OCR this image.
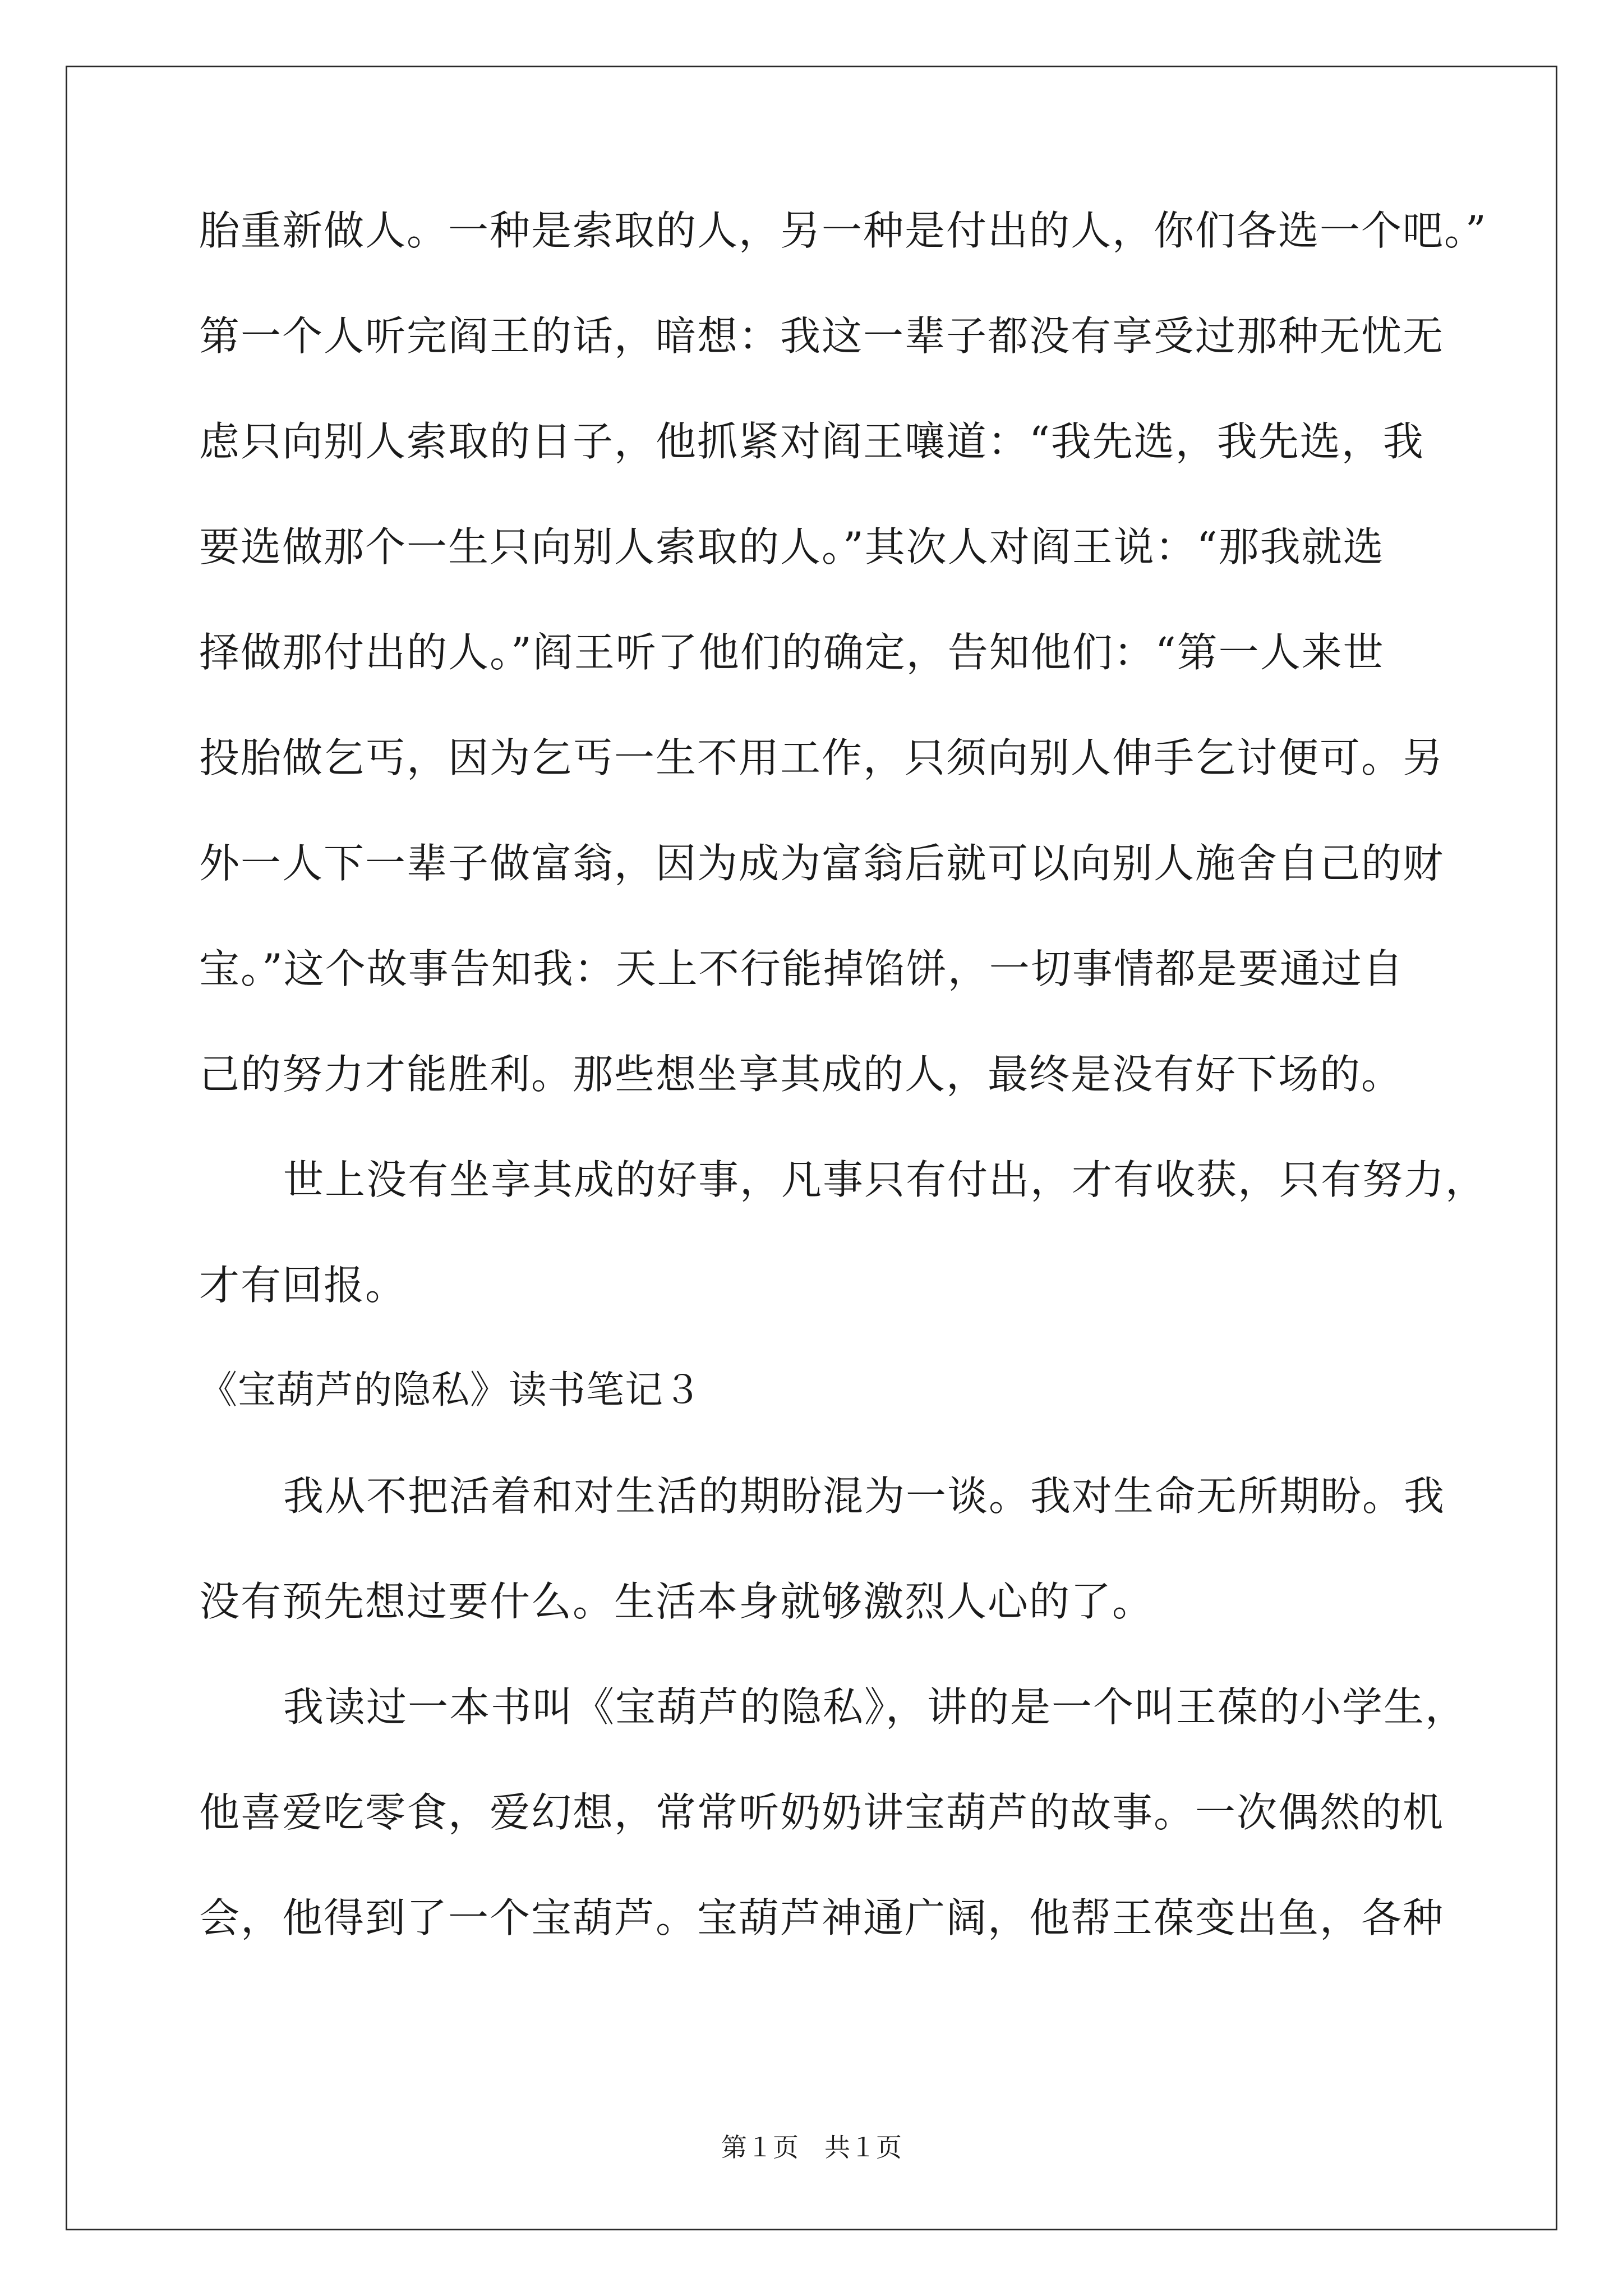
胎重新做人。一种是索取的人，另一种是付出的人，你们各选一个吧。”
第一个人听完阎王的话，暗想：我这一辈子都没有享受过那种无忧无
虑只向别人索取的日子，他抓紧对阎王嚷道：“我先选，我先选，我
要选做那个一生只向别人索取的人。”其次人对阎王说：“那我就选
择做那付出的人。”阎王听了他们的确定，告知他们：“第一人来世
投胎做乞丐，因为乞丐一生不用工作，只须向别人伸手乞讨便可。另
外一人下一辈子做富翁，因为成为富翁后就可以向别人施舍自己的财
宝。”这个故事告知我：天上不行能掉馅饼，一切事情都是要通过自
己的努力才能胜利。那些想坐享其成的人，最终是没有好下场的。
世上没有坐享其成的好事，凡事只有付出，才有收获，只有努力，
才有回报。
《宝葫芦的隐私》读书笔记３
我从不把活着和对生活的期盼混为一谈。我对生命无所期盼。我
没有预先想过要什么。生活本身就够激烈人心的了。
我读过一本书叫《宝葫芦的隐私》，讲的是一个叫王葆的小学生，
他喜爱吃零食，爱幻想，常常听奶奶讲宝葫芦的故事。一次偶然的机
会，他得到了一个宝葫芦。宝葫芦神通广阔，他帮王葆变出鱼，各种
第１页　共１页
